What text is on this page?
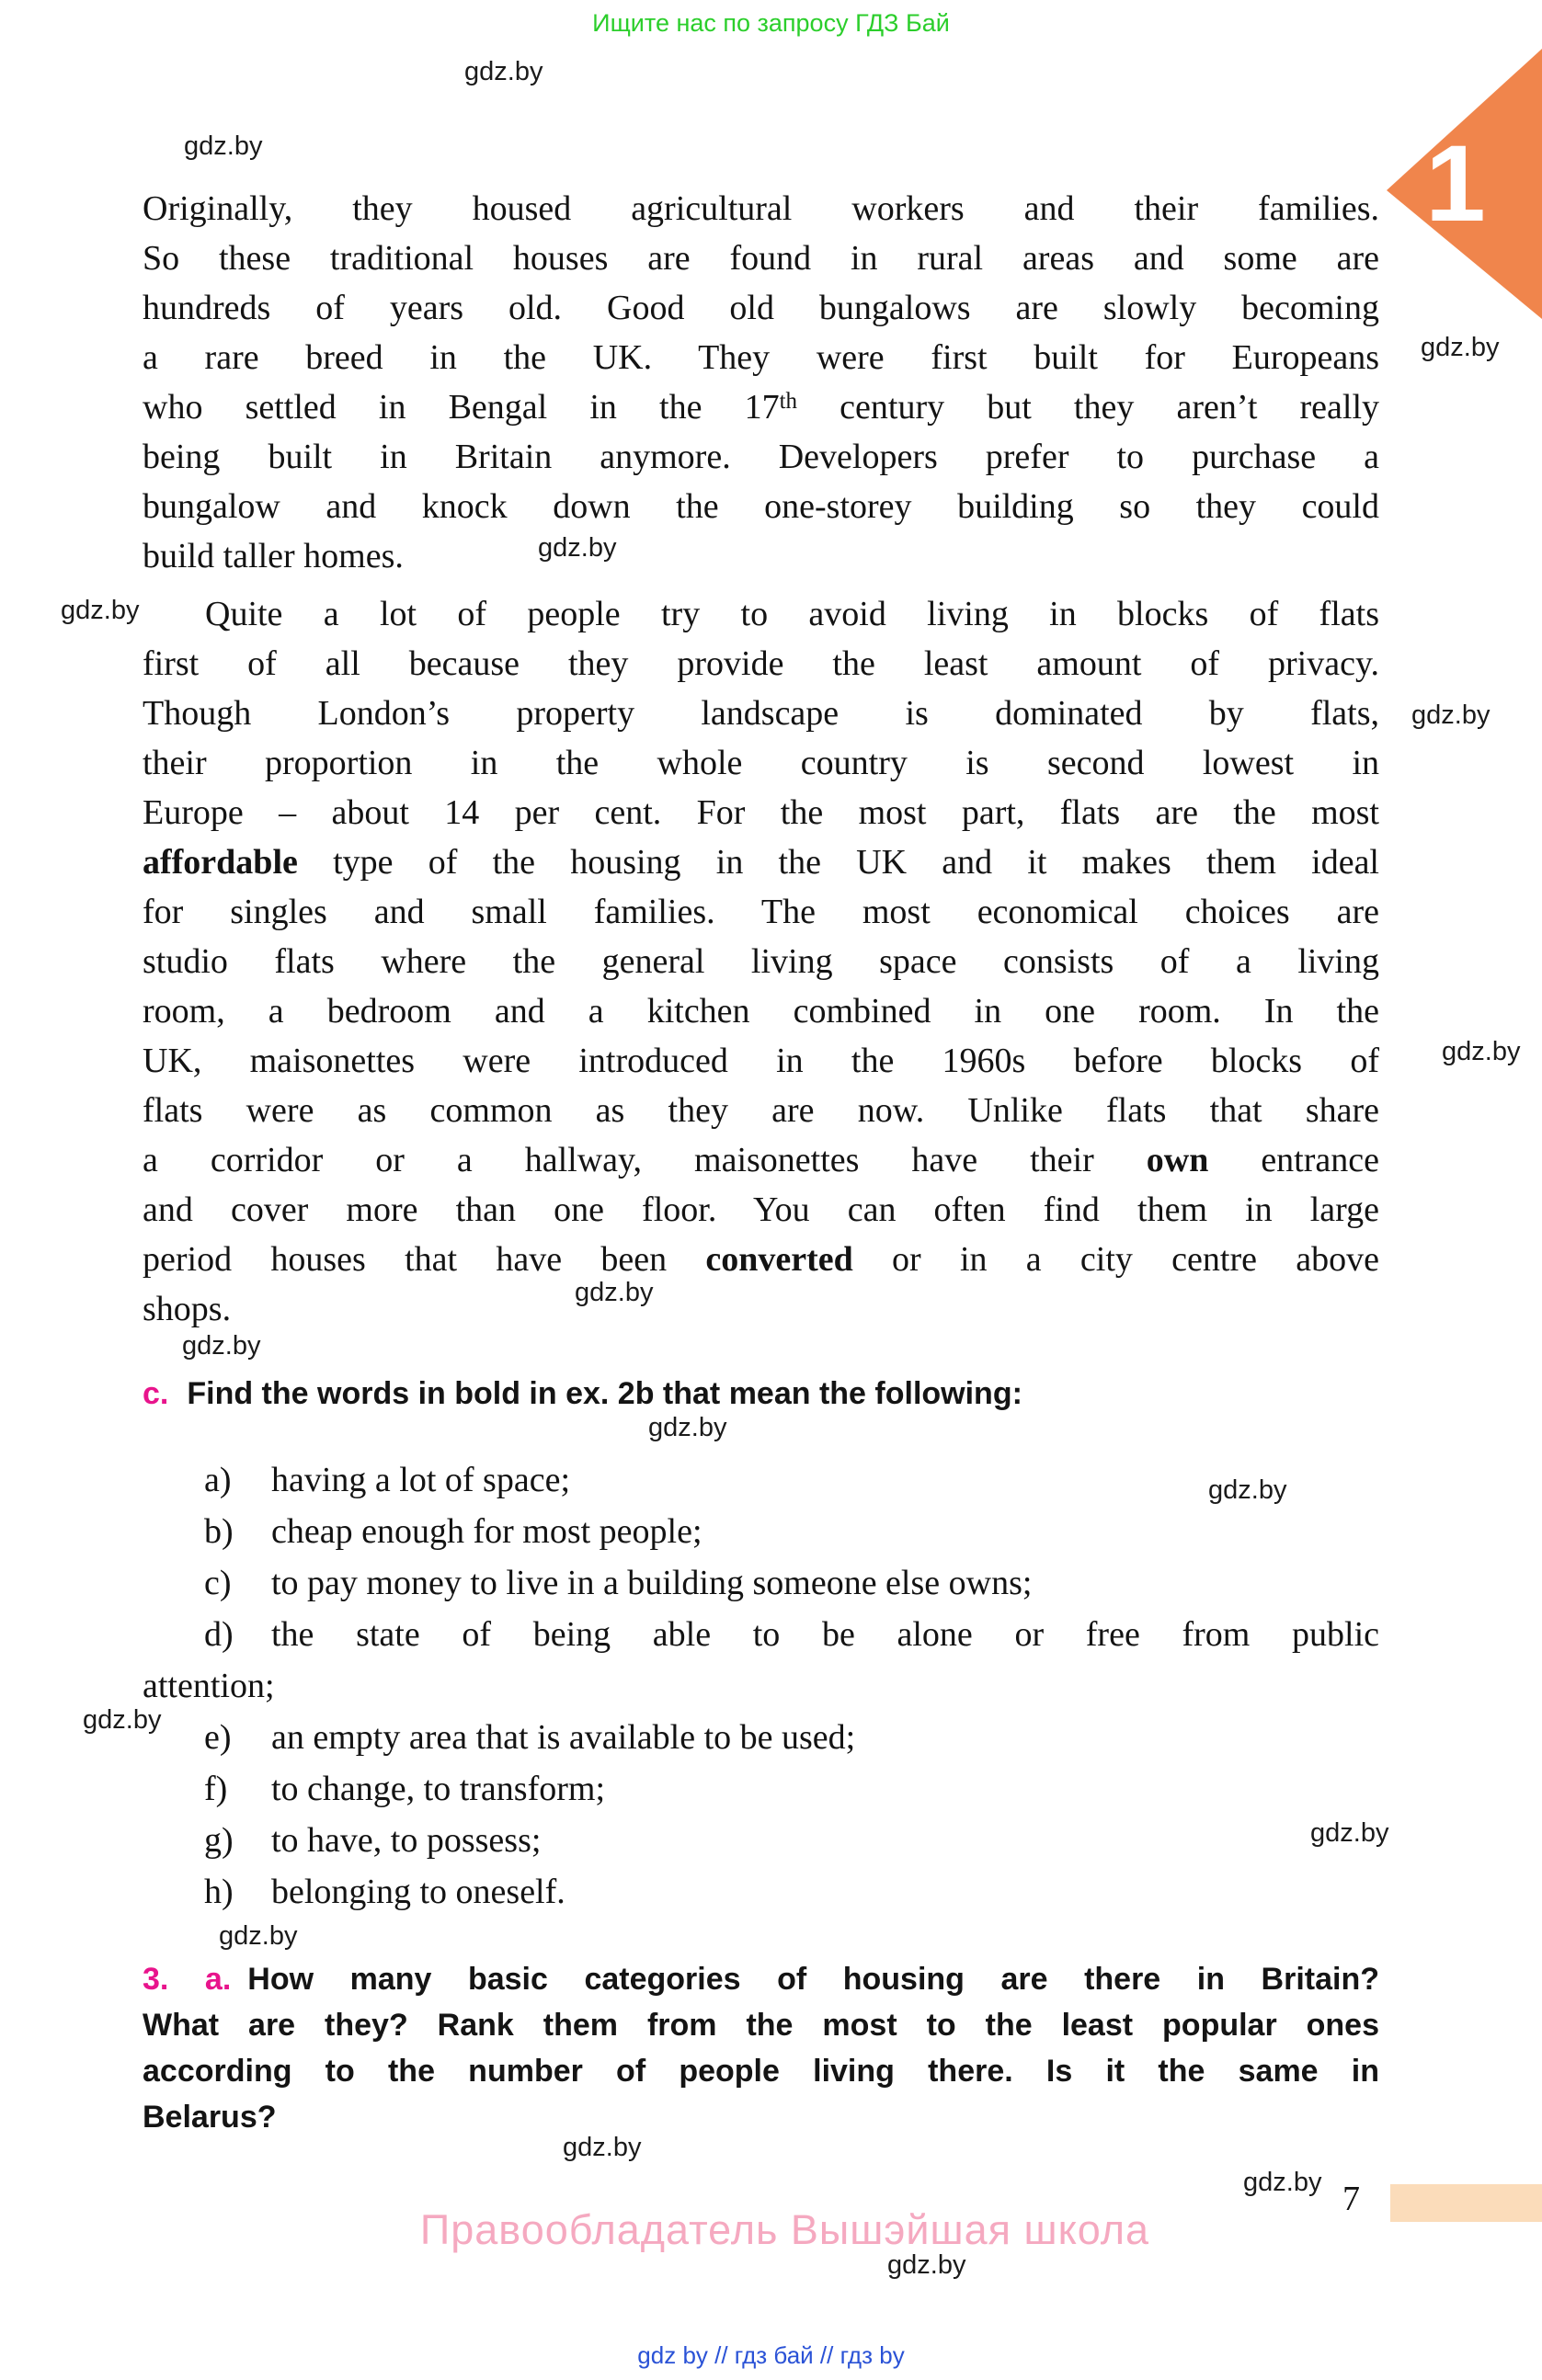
Ищите нас по запросу ГДЗ Бай
gdz.by
gdz.by
gdz.by
gdz.by
gdz.by
gdz.by
gdz.by
gdz.by
gdz.by
gdz.by
gdz.by
gdz.by
gdz.by
gdz.by
gdz.by
gdz.by
gdz.by
1
Originally, they housed agricultural workers and their families.
So these traditional houses are found in rural areas and some are
hundreds of years old. Good old bungalows are slowly becoming
a rare breed in the UK. They were first built for Europeans
who settled in Bengal in the 17th century but they aren’t really
being built in Britain anymore. Developers prefer to purchase a
bungalow and knock down the one-storey building so they could
build taller homes.
Quite a lot of people try to avoid living in blocks of flats
first of all because they provide the least amount of privacy.
Though London’s property landscape is dominated by flats,
their proportion in the whole country is second lowest in
Europe – about 14 per cent. For the most part, flats are the most
affordable type of the housing in the UK and it makes them ideal
for singles and small families. The most economical choices are
studio flats where the general living space consists of a living
room, a bedroom and a kitchen combined in one room. In the
UK, maisonettes were introduced in the 1960s before blocks of
flats were as common as they are now. Unlike flats that share
a corridor or a hallway, maisonettes have their own entrance
and cover more than one floor. You can often find them in large
period houses that have been converted or in a city centre above
shops.
c. Find the words in bold in ex. 2b that mean the following:
a) having a lot of space;
b) cheap enough for most people;
c) to pay money to live in a building someone else owns;
d) the state of being able to be alone or free from public
attention;
e) an empty area that is available to be used;
f) to change, to transform;
g) to have, to possess;
h) belonging to oneself.
3. a. How many basic categories of housing are there in Britain?
What are they? Rank them from the most to the least popular ones
according to the number of people living there. Is it the same in
Belarus?
7
Правообладатель Вышэйшая школа
gdz by // гдз бай // гдз by
